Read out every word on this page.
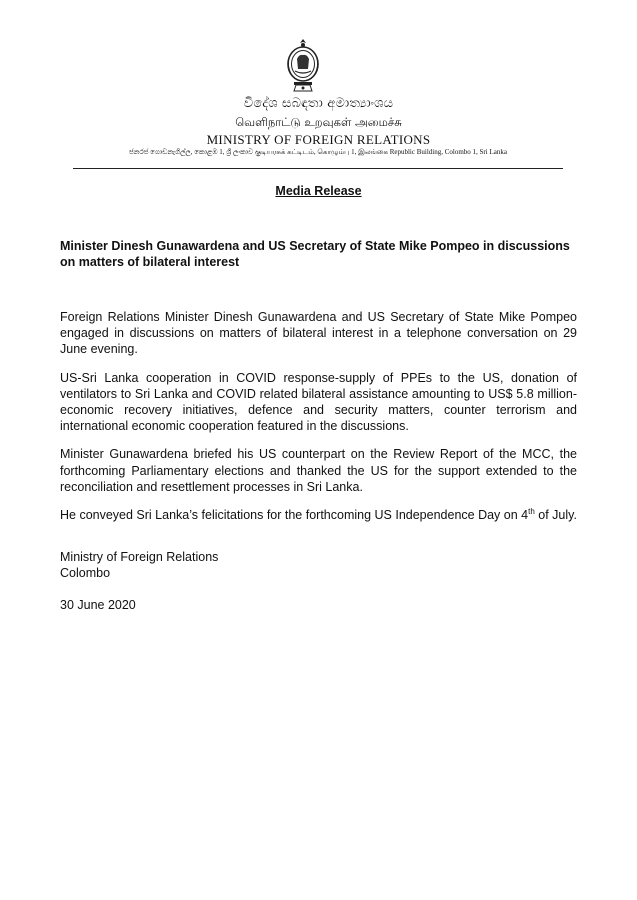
විදේශ සබඳතා අමාත්‍යාංශය
வெளிநாட்டு உறவுகள் அமைச்சு
MINISTRY OF FOREIGN RELATIONS
ජනරජ ගොඩනැගිල්ල, කොළඹ 1, ශ්‍රී ලංකාව குடியரசுக் கட்டிடம், கொழும்பு 1, இலங்கை Republic Building, Colombo 1, Sri Lanka
Media Release
Minister Dinesh Gunawardena and US Secretary of State Mike Pompeo in discussions on matters of bilateral interest

Foreign Relations Minister Dinesh Gunawardena and US Secretary of State Mike Pompeo engaged in discussions on matters of bilateral interest in a telephone conversation on 29 June evening.

US-Sri Lanka cooperation in COVID response-supply of PPEs to the US, donation of ventilators to Sri Lanka and COVID related bilateral assistance amounting to US$ 5.8 million- economic recovery initiatives, defence and security matters, counter terrorism and international economic cooperation featured in the discussions.

Minister Gunawardena briefed his US counterpart on the Review Report of the MCC, the forthcoming Parliamentary elections and thanked the US for the support extended to the reconciliation and resettlement processes in Sri Lanka.

He conveyed Sri Lanka’s felicitations for the forthcoming US Independence Day on 4th of July.

Ministry of Foreign Relations
Colombo
30 June 2020
